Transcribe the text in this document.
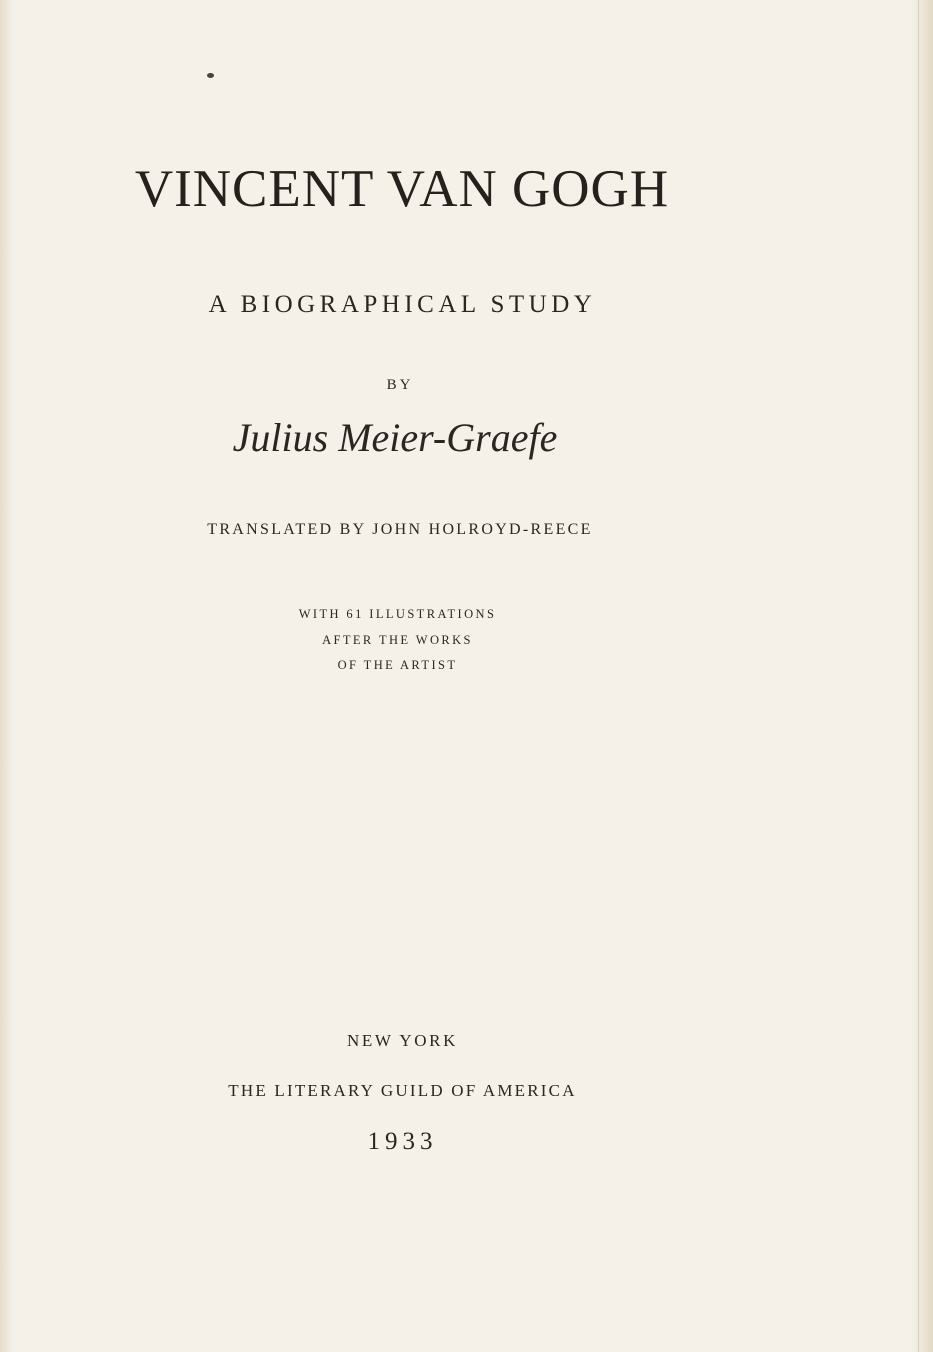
VINCENT VAN GOGH
A BIOGRAPHICAL STUDY
BY
Julius Meier-Graefe
TRANSLATED BY JOHN HOLROYD-REECE
WITH 61 ILLUSTRATIONS
AFTER THE WORKS
OF THE ARTIST
NEW YORK
THE LITERARY GUILD OF AMERICA
1933
